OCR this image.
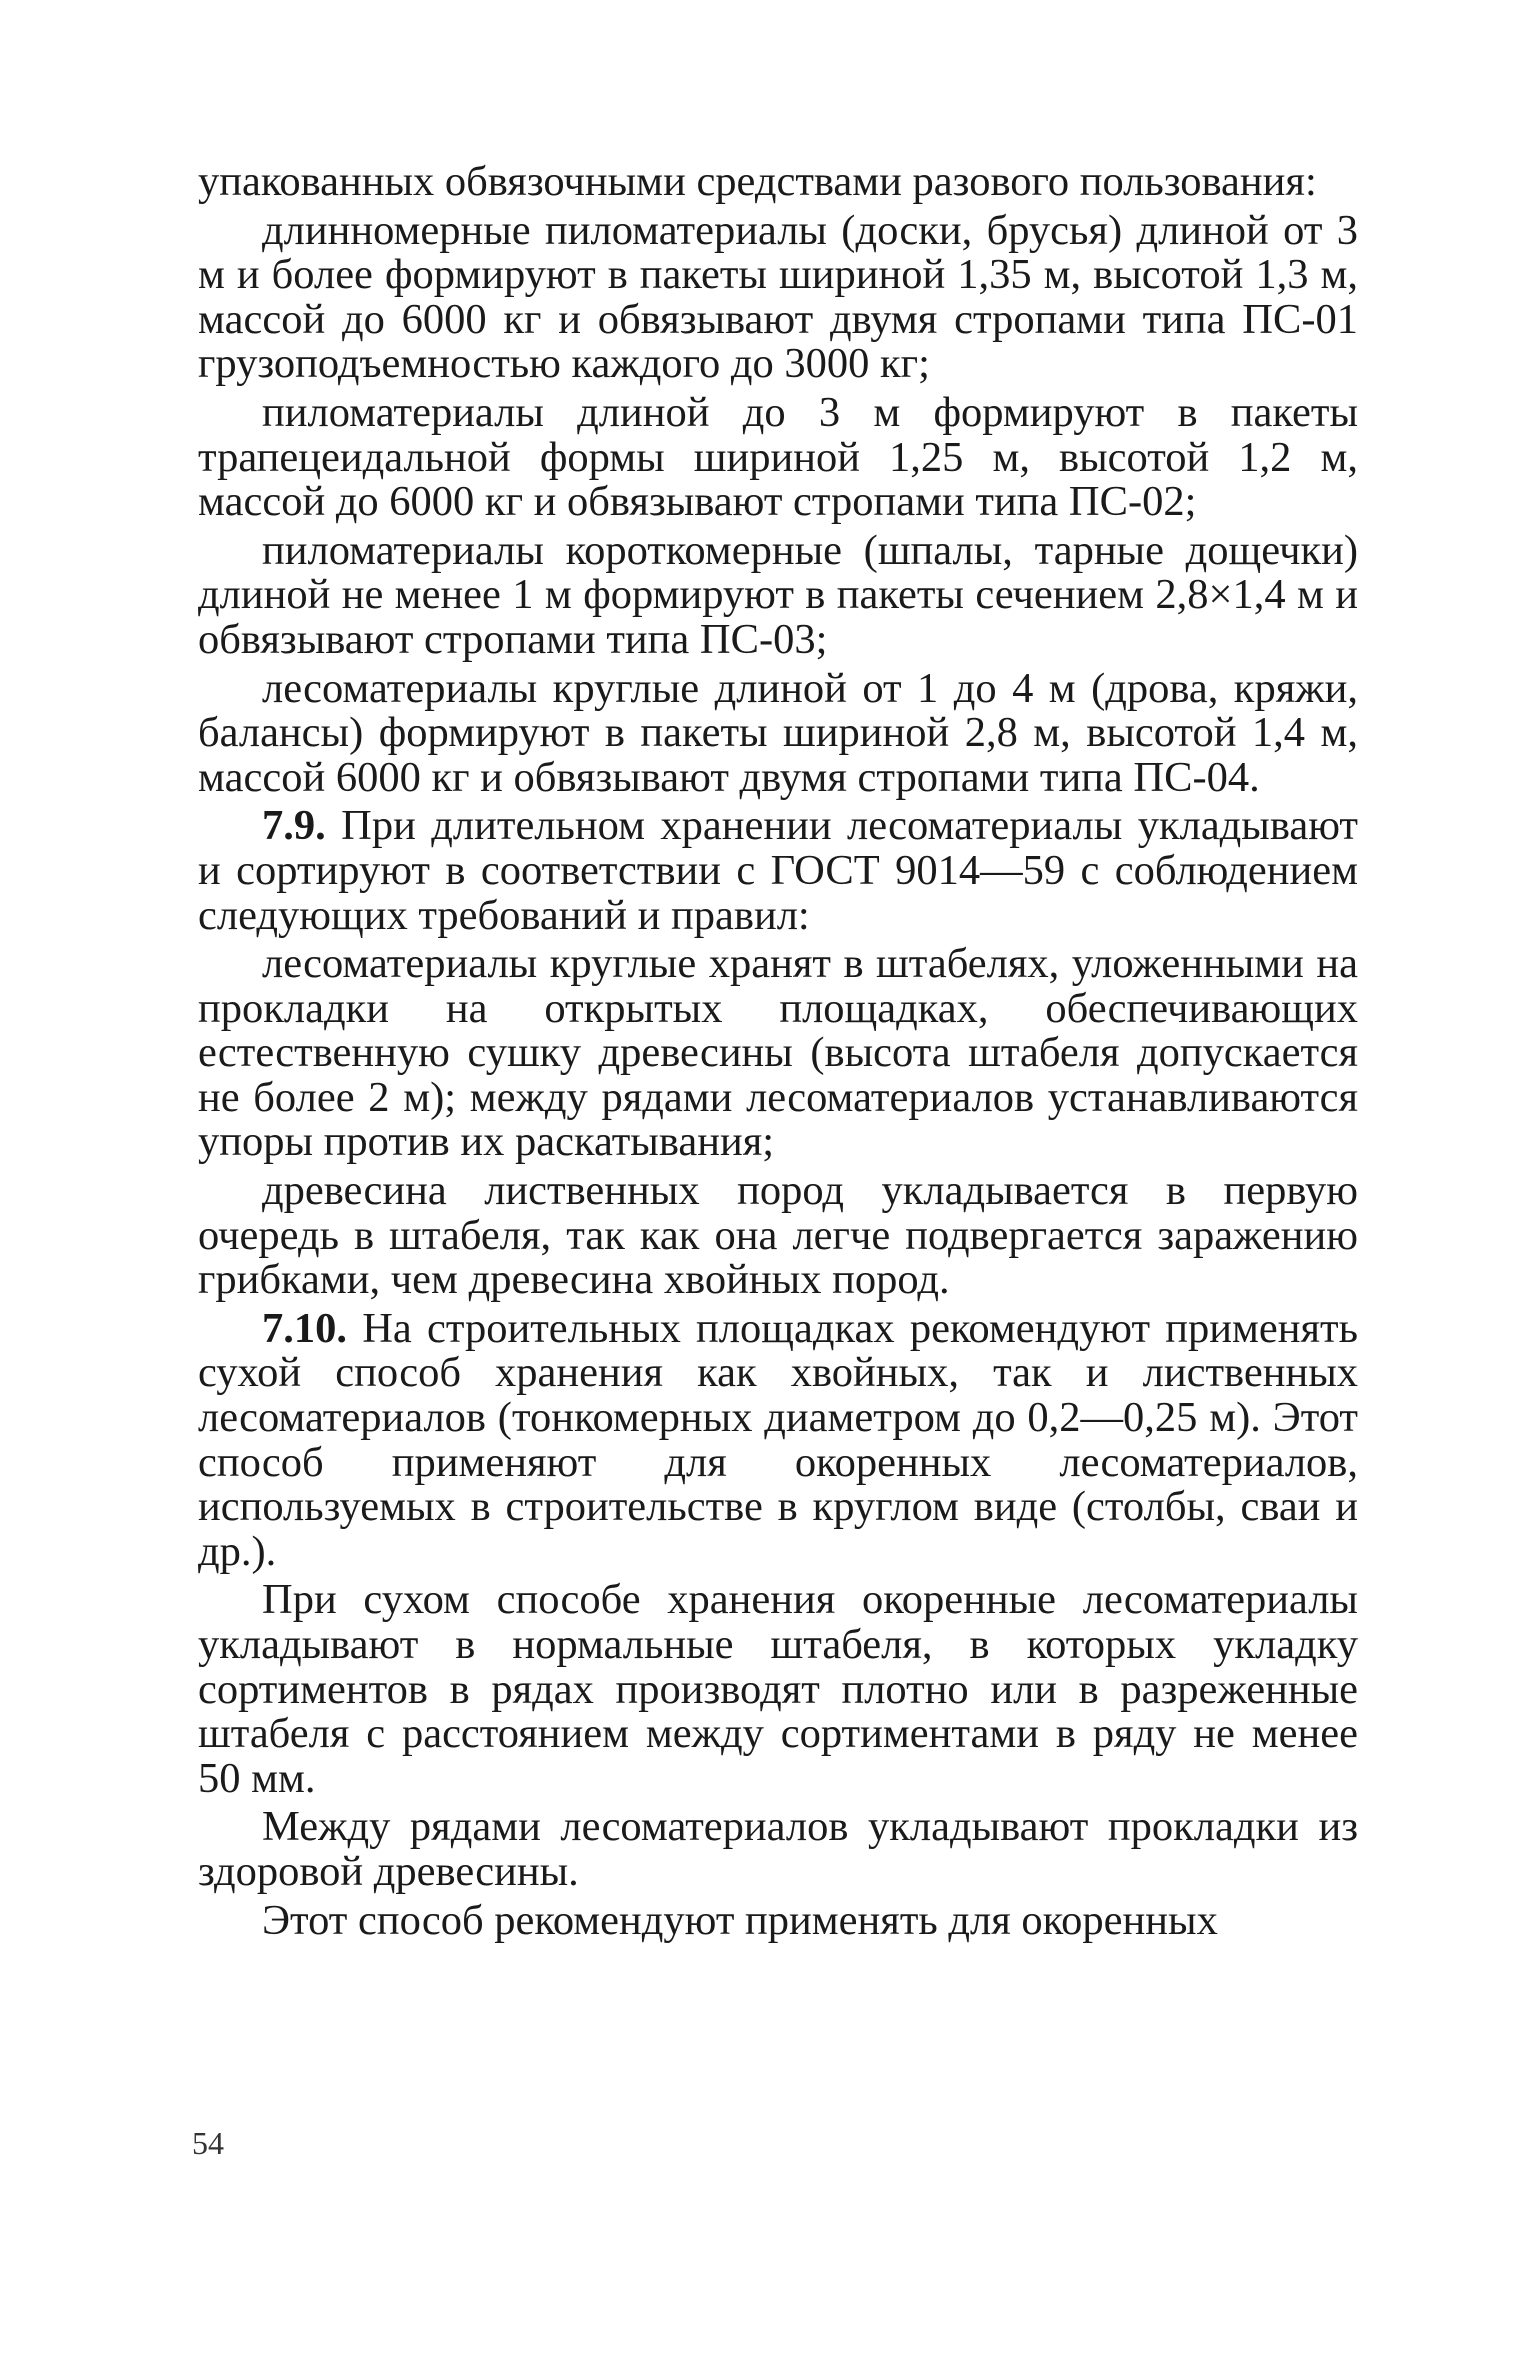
упакованных обвязочными средствами разового пользования:

длинномерные пиломатериалы (доски, брусья) длиной от 3 м и более формируют в пакеты шириной 1,35 м, высотой 1,3 м, массой до 6000 кг и обвязывают двумя стропами типа ПС-01 грузоподъемностью каждого до 3000 кг;

пиломатериалы длиной до 3 м формируют в пакеты трапецеидальной формы шириной 1,25 м, высотой 1,2 м, массой до 6000 кг и обвязывают стропами типа ПС-02;

пиломатериалы короткомерные (шпалы, тарные дощечки) длиной не менее 1 м формируют в пакеты сечением 2,8×1,4 м и обвязывают стропами типа ПС-03;

лесоматериалы круглые длиной от 1 до 4 м (дрова, кряжи, балансы) формируют в пакеты шириной 2,8 м, высотой 1,4 м, массой 6000 кг и обвязывают двумя стропами типа ПС-04.

7.9. При длительном хранении лесоматериалы укладывают и сортируют в соответствии с ГОСТ 9014—59 с соблюдением следующих требований и правил:

лесоматериалы круглые хранят в штабелях, уложенными на прокладки на открытых площадках, обеспечивающих естественную сушку древесины (высота штабеля допускается не более 2 м); между рядами лесоматериалов устанавливаются упоры против их раскатывания;

древесина лиственных пород укладывается в первую очередь в штабеля, так как она легче подвергается заражению грибками, чем древесина хвойных пород.

7.10. На строительных площадках рекомендуют применять сухой способ хранения как хвойных, так и лиственных лесоматериалов (тонкомерных диаметром до 0,2—0,25 м). Этот способ применяют для окоренных лесоматериалов, используемых в строительстве в круглом виде (столбы, сваи и др.).

При сухом способе хранения окоренные лесоматериалы укладывают в нормальные штабеля, в которых укладку сортиментов в рядах производят плотно или в разреженные штабеля с расстоянием между сортиментами в ряду не менее 50 мм.

Между рядами лесоматериалов укладывают прокладки из здоровой древесины.

Этот способ рекомендуют применять для окоренных

54
